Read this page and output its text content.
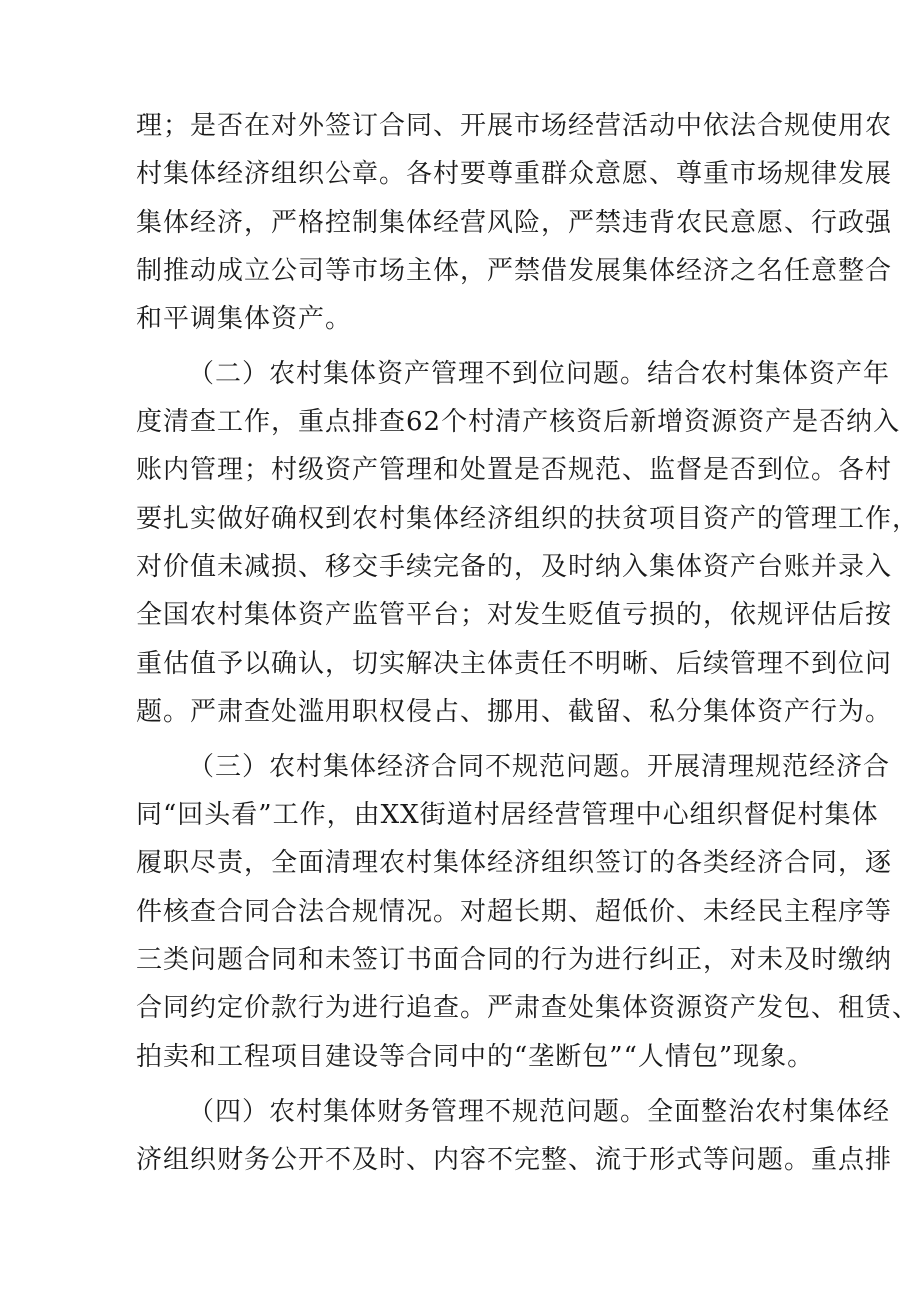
理；是否在对外签订合同、开展市场经营活动中依法合规使用农
村集体经济组织公章。各村要尊重群众意愿、尊重市场规律发展
集体经济，严格控制集体经营风险，严禁违背农民意愿、行政强
制推动成立公司等市场主体，严禁借发展集体经济之名任意整合
和平调集体资产。
（二）农村集体资产管理不到位问题。结合农村集体资产年
度清查工作，重点排查62个村清产核资后新增资源资产是否纳入
账内管理；村级资产管理和处置是否规范、监督是否到位。各村
要扎实做好确权到农村集体经济组织的扶贫项目资产的管理工作，
对价值未减损、移交手续完备的，及时纳入集体资产台账并录入
全国农村集体资产监管平台；对发生贬值亏损的，依规评估后按
重估值予以确认，切实解决主体责任不明晰、后续管理不到位问
题。严肃查处滥用职权侵占、挪用、截留、私分集体资产行为。
（三）农村集体经济合同不规范问题。开展清理规范经济合
同“回头看”工作，由XX街道村居经营管理中心组织督促村集体
履职尽责，全面清理农村集体经济组织签订的各类经济合同，逐
件核查合同合法合规情况。对超长期、超低价、未经民主程序等
三类问题合同和未签订书面合同的行为进行纠正，对未及时缴纳
合同约定价款行为进行追查。严肃查处集体资源资产发包、租赁、
拍卖和工程项目建设等合同中的“垄断包”“人情包”现象。
（四）农村集体财务管理不规范问题。全面整治农村集体经
济组织财务公开不及时、内容不完整、流于形式等问题。重点排
